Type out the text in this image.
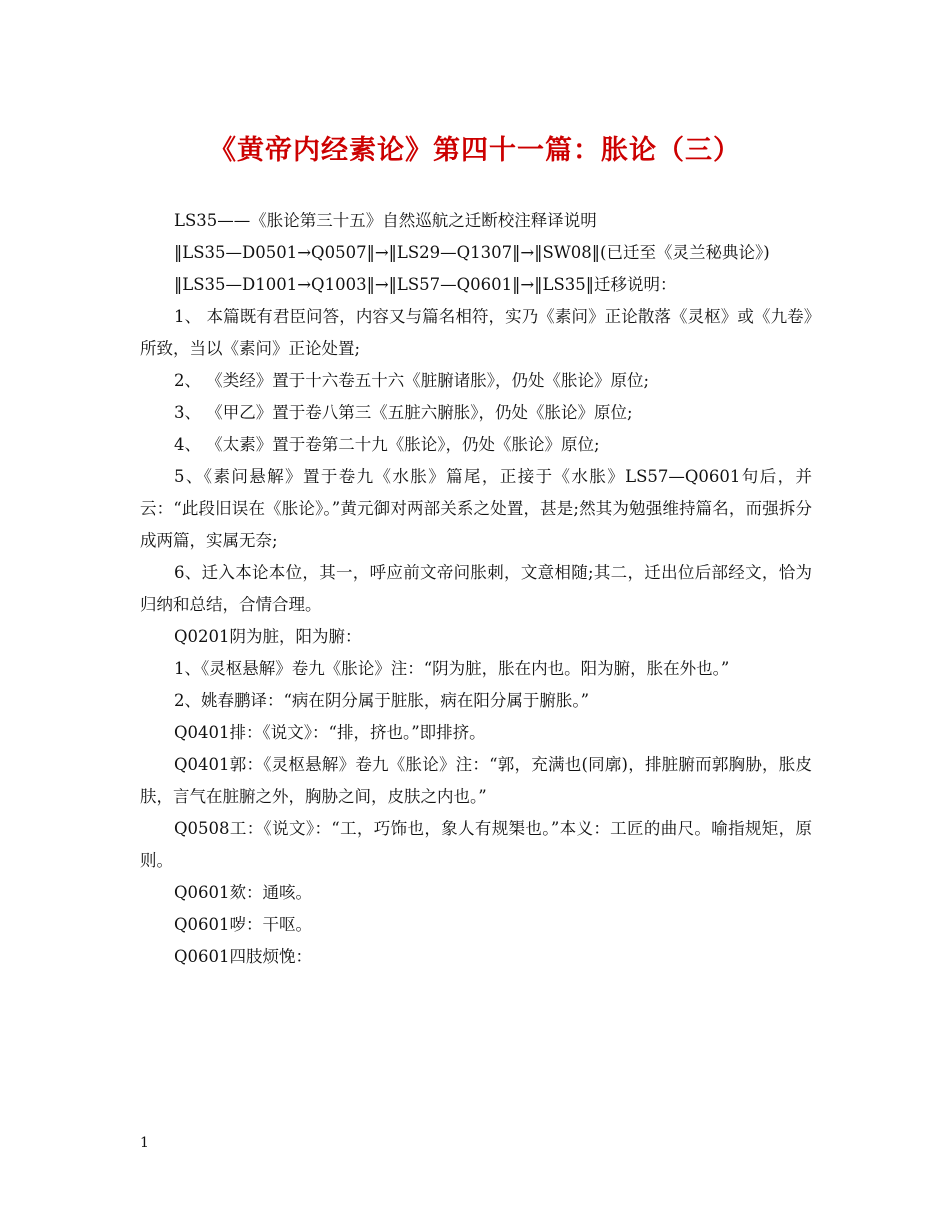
《黄帝内经素论》第四十一篇：胀论（三）

LS35——《胀论第三十五》自然巡航之迁断校注释译说明

‖LS35—D0501→Q0507‖→‖LS29—Q1307‖→‖SW08‖(已迁至《灵兰秘典论》)

‖LS35—D1001→Q1003‖→‖LS57—Q0601‖→‖LS35‖迁移说明：

1、 本篇既有君臣问答，内容又与篇名相符，实乃《素问》正论散落《灵枢》或《九卷》所致，当以《素问》正论处置;

2、 《类经》置于十六卷五十六《脏腑诸胀》，仍处《胀论》原位;

3、 《甲乙》置于卷八第三《五脏六腑胀》，仍处《胀论》原位;

4、 《太素》置于卷第二十九《胀论》，仍处《胀论》原位;

5、《素问悬解》置于卷九《水胀》篇尾，正接于《水胀》LS57—Q0601句后，并云：“此段旧误在《胀论》。”黄元御对两部关系之处置，甚是;然其为勉强维持篇名，而强拆分成两篇，实属无奈;

6、迁入本论本位，其一，呼应前文帝问胀刺，文意相随;其二，迁出位后部经文，恰为归纳和总结，合情合理。

Q0201阴为脏，阳为腑：

1、《灵枢悬解》卷九《胀论》注：“阴为脏，胀在内也。阳为腑，胀在外也。”

2、姚春鹏译：“病在阴分属于脏胀，病在阳分属于腑胀。”

Q0401排：《说文》：“排，挤也。”即排挤。

Q0401郭：《灵枢悬解》卷九《胀论》注：“郭，充满也(同廓)，排脏腑而郭胸胁，胀皮肤，言气在脏腑之外，胸胁之间，皮肤之内也。”

Q0508工：《说文》：“工，巧饰也，象人有规榘也。”本义：工匠的曲尺。喻指规矩，原则。

Q0601欬：通咳。

Q0601哕：干呕。

Q0601四肢烦悗：

1
